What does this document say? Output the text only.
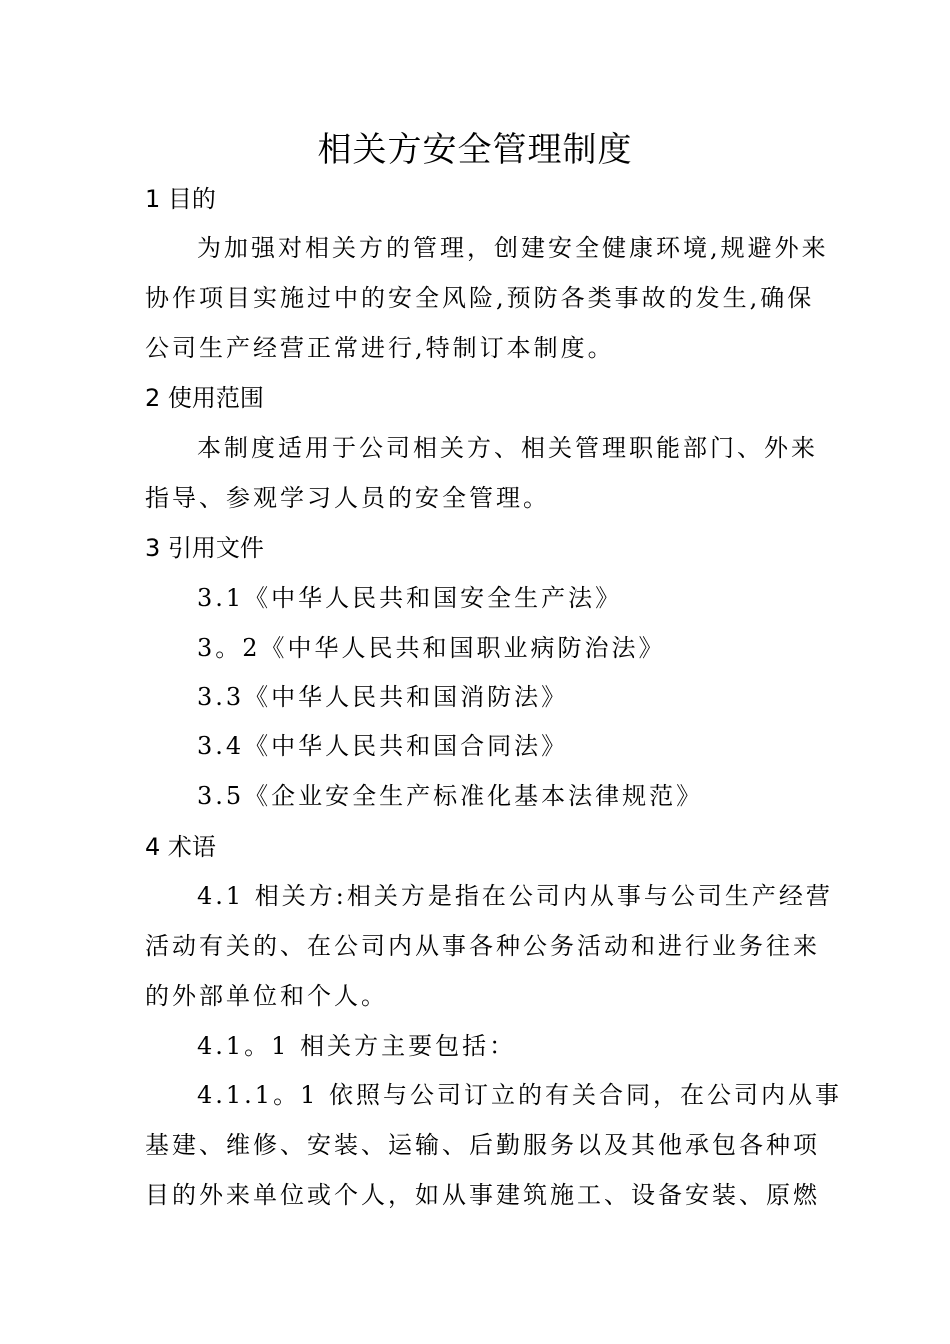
相关方安全管理制度
1 目的
为加强对相关方的管理，创建安全健康环境,规避外来
协作项目实施过中的安全风险,预防各类事故的发生,确保
公司生产经营正常进行,特制订本制度。
2 使用范围
本制度适用于公司相关方、相关管理职能部门、外来
指导、参观学习人员的安全管理。
3 引用文件
3.1《中华人民共和国安全生产法》
3。2《中华人民共和国职业病防治法》
3.3《中华人民共和国消防法》
3.4《中华人民共和国合同法》
3.5《企业安全生产标准化基本法律规范》
4 术语
4.1 相关方:相关方是指在公司内从事与公司生产经营
活动有关的、在公司内从事各种公务活动和进行业务往来
的外部单位和个人。
4.1。1 相关方主要包括：
4.1.1。1 依照与公司订立的有关合同，在公司内从事
基建、维修、安装、运输、后勤服务以及其他承包各种项
目的外来单位或个人，如从事建筑施工、设备安装、原燃
